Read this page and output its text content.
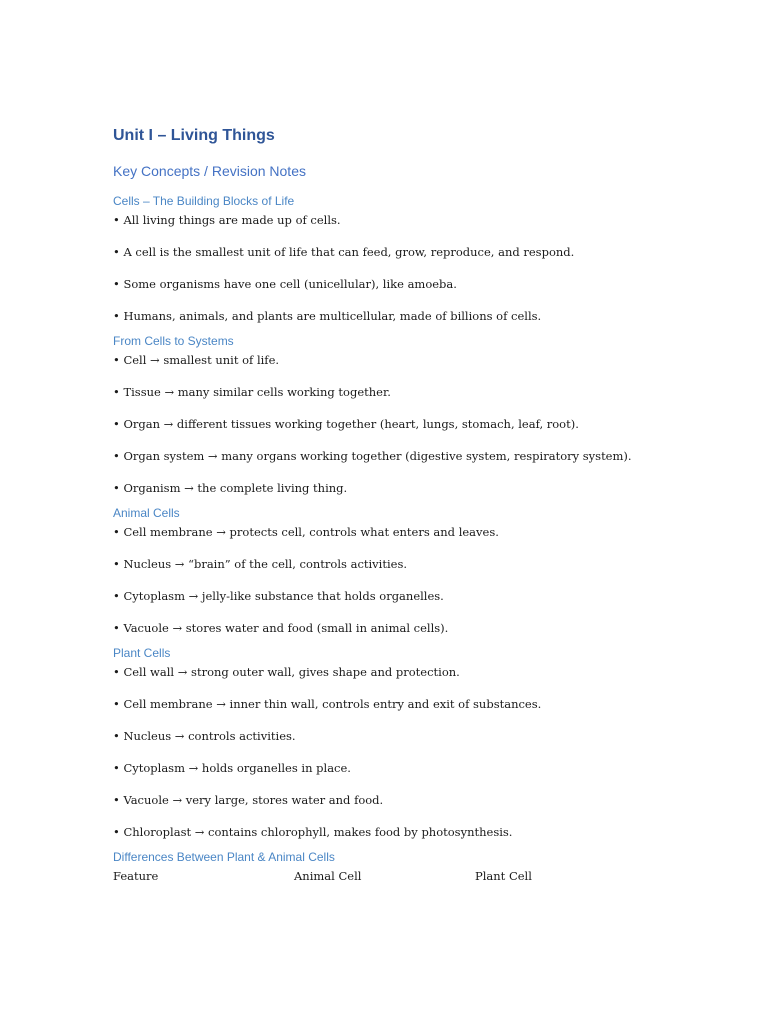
Unit I – Living Things
Key Concepts / Revision Notes
Cells – The Building Blocks of Life
• All living things are made up of cells.
• A cell is the smallest unit of life that can feed, grow, reproduce, and respond.
• Some organisms have one cell (unicellular), like amoeba.
• Humans, animals, and plants are multicellular, made of billions of cells.
From Cells to Systems
• Cell → smallest unit of life.
• Tissue → many similar cells working together.
• Organ → different tissues working together (heart, lungs, stomach, leaf, root).
• Organ system → many organs working together (digestive system, respiratory system).
• Organism → the complete living thing.
Animal Cells
• Cell membrane → protects cell, controls what enters and leaves.
• Nucleus → “brain” of the cell, controls activities.
• Cytoplasm → jelly-like substance that holds organelles.
• Vacuole → stores water and food (small in animal cells).
Plant Cells
• Cell wall → strong outer wall, gives shape and protection.
• Cell membrane → inner thin wall, controls entry and exit of substances.
• Nucleus → controls activities.
• Cytoplasm → holds organelles in place.
• Vacuole → very large, stores water and food.
• Chloroplast → contains chlorophyll, makes food by photosynthesis.
Differences Between Plant & Animal Cells
Feature	Animal Cell	Plant Cell
